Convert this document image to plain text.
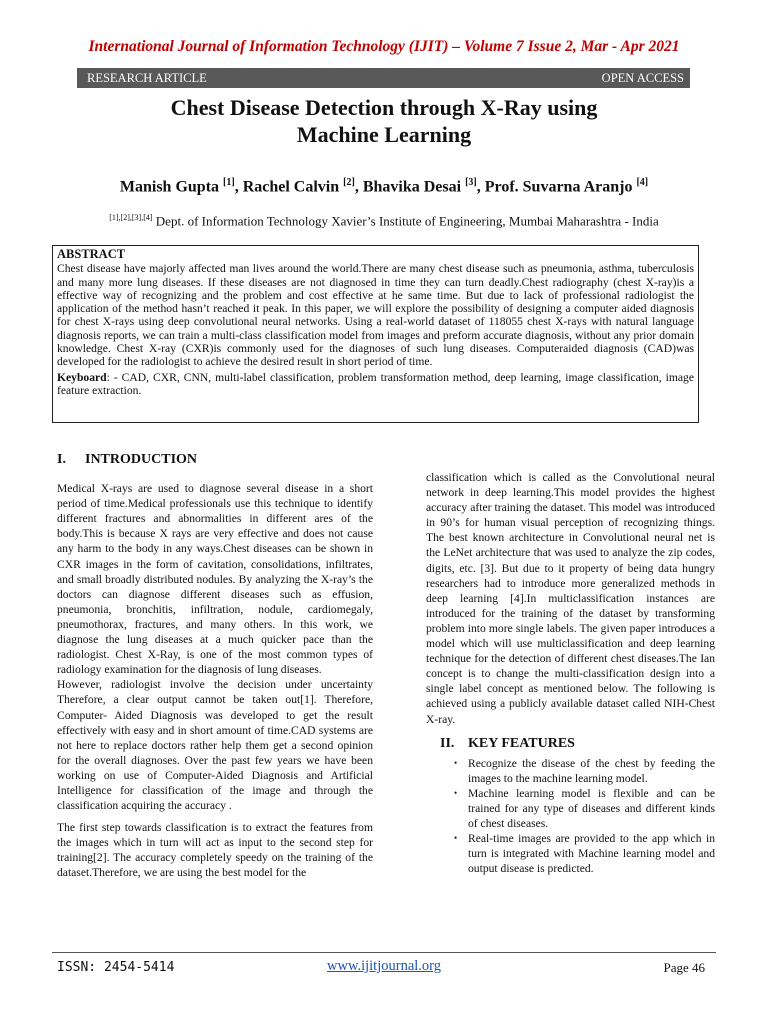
International Journal of Information Technology (IJIT) – Volume 7 Issue 2, Mar - Apr 2021
RESEARCH ARTICLE	OPEN ACCESS
Chest Disease Detection through X-Ray using
Machine Learning
Manish Gupta [1], Rachel Calvin [2], Bhavika Desai [3], Prof. Suvarna Aranjo [4]
[1],[2],[3],[4] Dept. of Information Technology Xavier’s Institute of Engineering, Mumbai Maharashtra - India
ABSTRACT
Chest disease have majorly affected man lives around the world.There are many chest disease such as pneumonia, asthma, tuberculosis and many more lung diseases. If these diseases are not diagnosed in time they can turn deadly.Chest radiography (chest X-ray)is a effective way of recognizing and the problem and cost effective at he same time. But due to lack of professional radiologist the application of the method hasn’t reached it peak. In this paper, we will explore the possibility of designing a computer aided diagnosis for chest X-rays using deep convolutional neural networks. Using a real-world dataset of 118055 chest X-rays with natural language diagnosis reports, we can train a multi-class classification model from images and preform accurate diagnosis, without any prior domain knowledge. Chest X-ray (CXR)is commonly used for the diagnoses of such lung diseases. Computeraided diagnosis (CAD)was developed for the radiologist to achieve the desired result in short period of time.
Keyboard: - CAD, CXR, CNN, multi-label classification, problem transformation method, deep learning, image classification, image feature extraction.
I. INTRODUCTION

Medical X-rays are used to diagnose several disease in a short period of time.Medical professionals use this technique to identify different fractures and abnormalities in different ares of the body.This is because X rays are very effective and does not cause any harm to the body in any ways.Chest diseases can be shown in CXR images in the form of cavitation, consolidations, infiltrates, and small broadly distributed nodules. By analyzing the X-ray’s the doctors can diagnose different diseases such as effusion, pneumonia, bronchitis, infiltration, nodule, cardiomegaly, pneumothorax, fractures, and many others. In this work, we diagnose the lung diseases at a much quicker pace than the radiologist. Chest X-Ray, is one of the most common types of radiology examination for the diagnosis of lung diseases.

However, radiologist involve the decision under uncertainty Therefore, a clear output cannot be taken out[1]. Therefore, Computer- Aided Diagnosis was developed to get the result effectively with easy and in short amount of time.CAD systems are not here to replace doctors rather help them get a second opinion for the overall diagnoses. Over the past few years we have been working on use of Computer-Aided Diagnosis and Artificial Intelligence for classification of the image and through the classification acquiring the accuracy .

The first step towards classification is to extract the features from the images which in turn will act as input to the second step for training[2]. The accuracy completely speedy on the training of the dataset.Therefore, we are using the best model for the

classification which is called as the Convolutional neural network in deep learning.This model provides the highest accuracy after training the dataset. This model was introduced in 90’s for human visual perception of recognizing things. The best known architecture in Convolutional neural net is the LeNet architecture that was used to analyze the zip codes, digits, etc. [3]. But due to it property of being data hungry researchers had to introduce more generalized methods in deep learning [4].In multiclassification instances are introduced for the training of the dataset by transforming problem into more single labels. The given paper introduces a model which will use multiclassification and deep learning technique for the detection of different chest diseases.The Ian concept is to change the multi-classification design into a single label concept as mentioned below. The following is achieved using a publicly available dataset called NIH-Chest X-ray.

II. KEY FEATURES
• Recognize the disease of the chest by feeding the images to the machine learning model.
• Machine learning model is flexible and can be trained for any type of diseases and different kinds of chest diseases.
• Real-time images are provided to the app which in turn is integrated with Machine learning model and output disease is predicted.
ISSN: 2454-5414	www.ijitjournal.org	Page 46
